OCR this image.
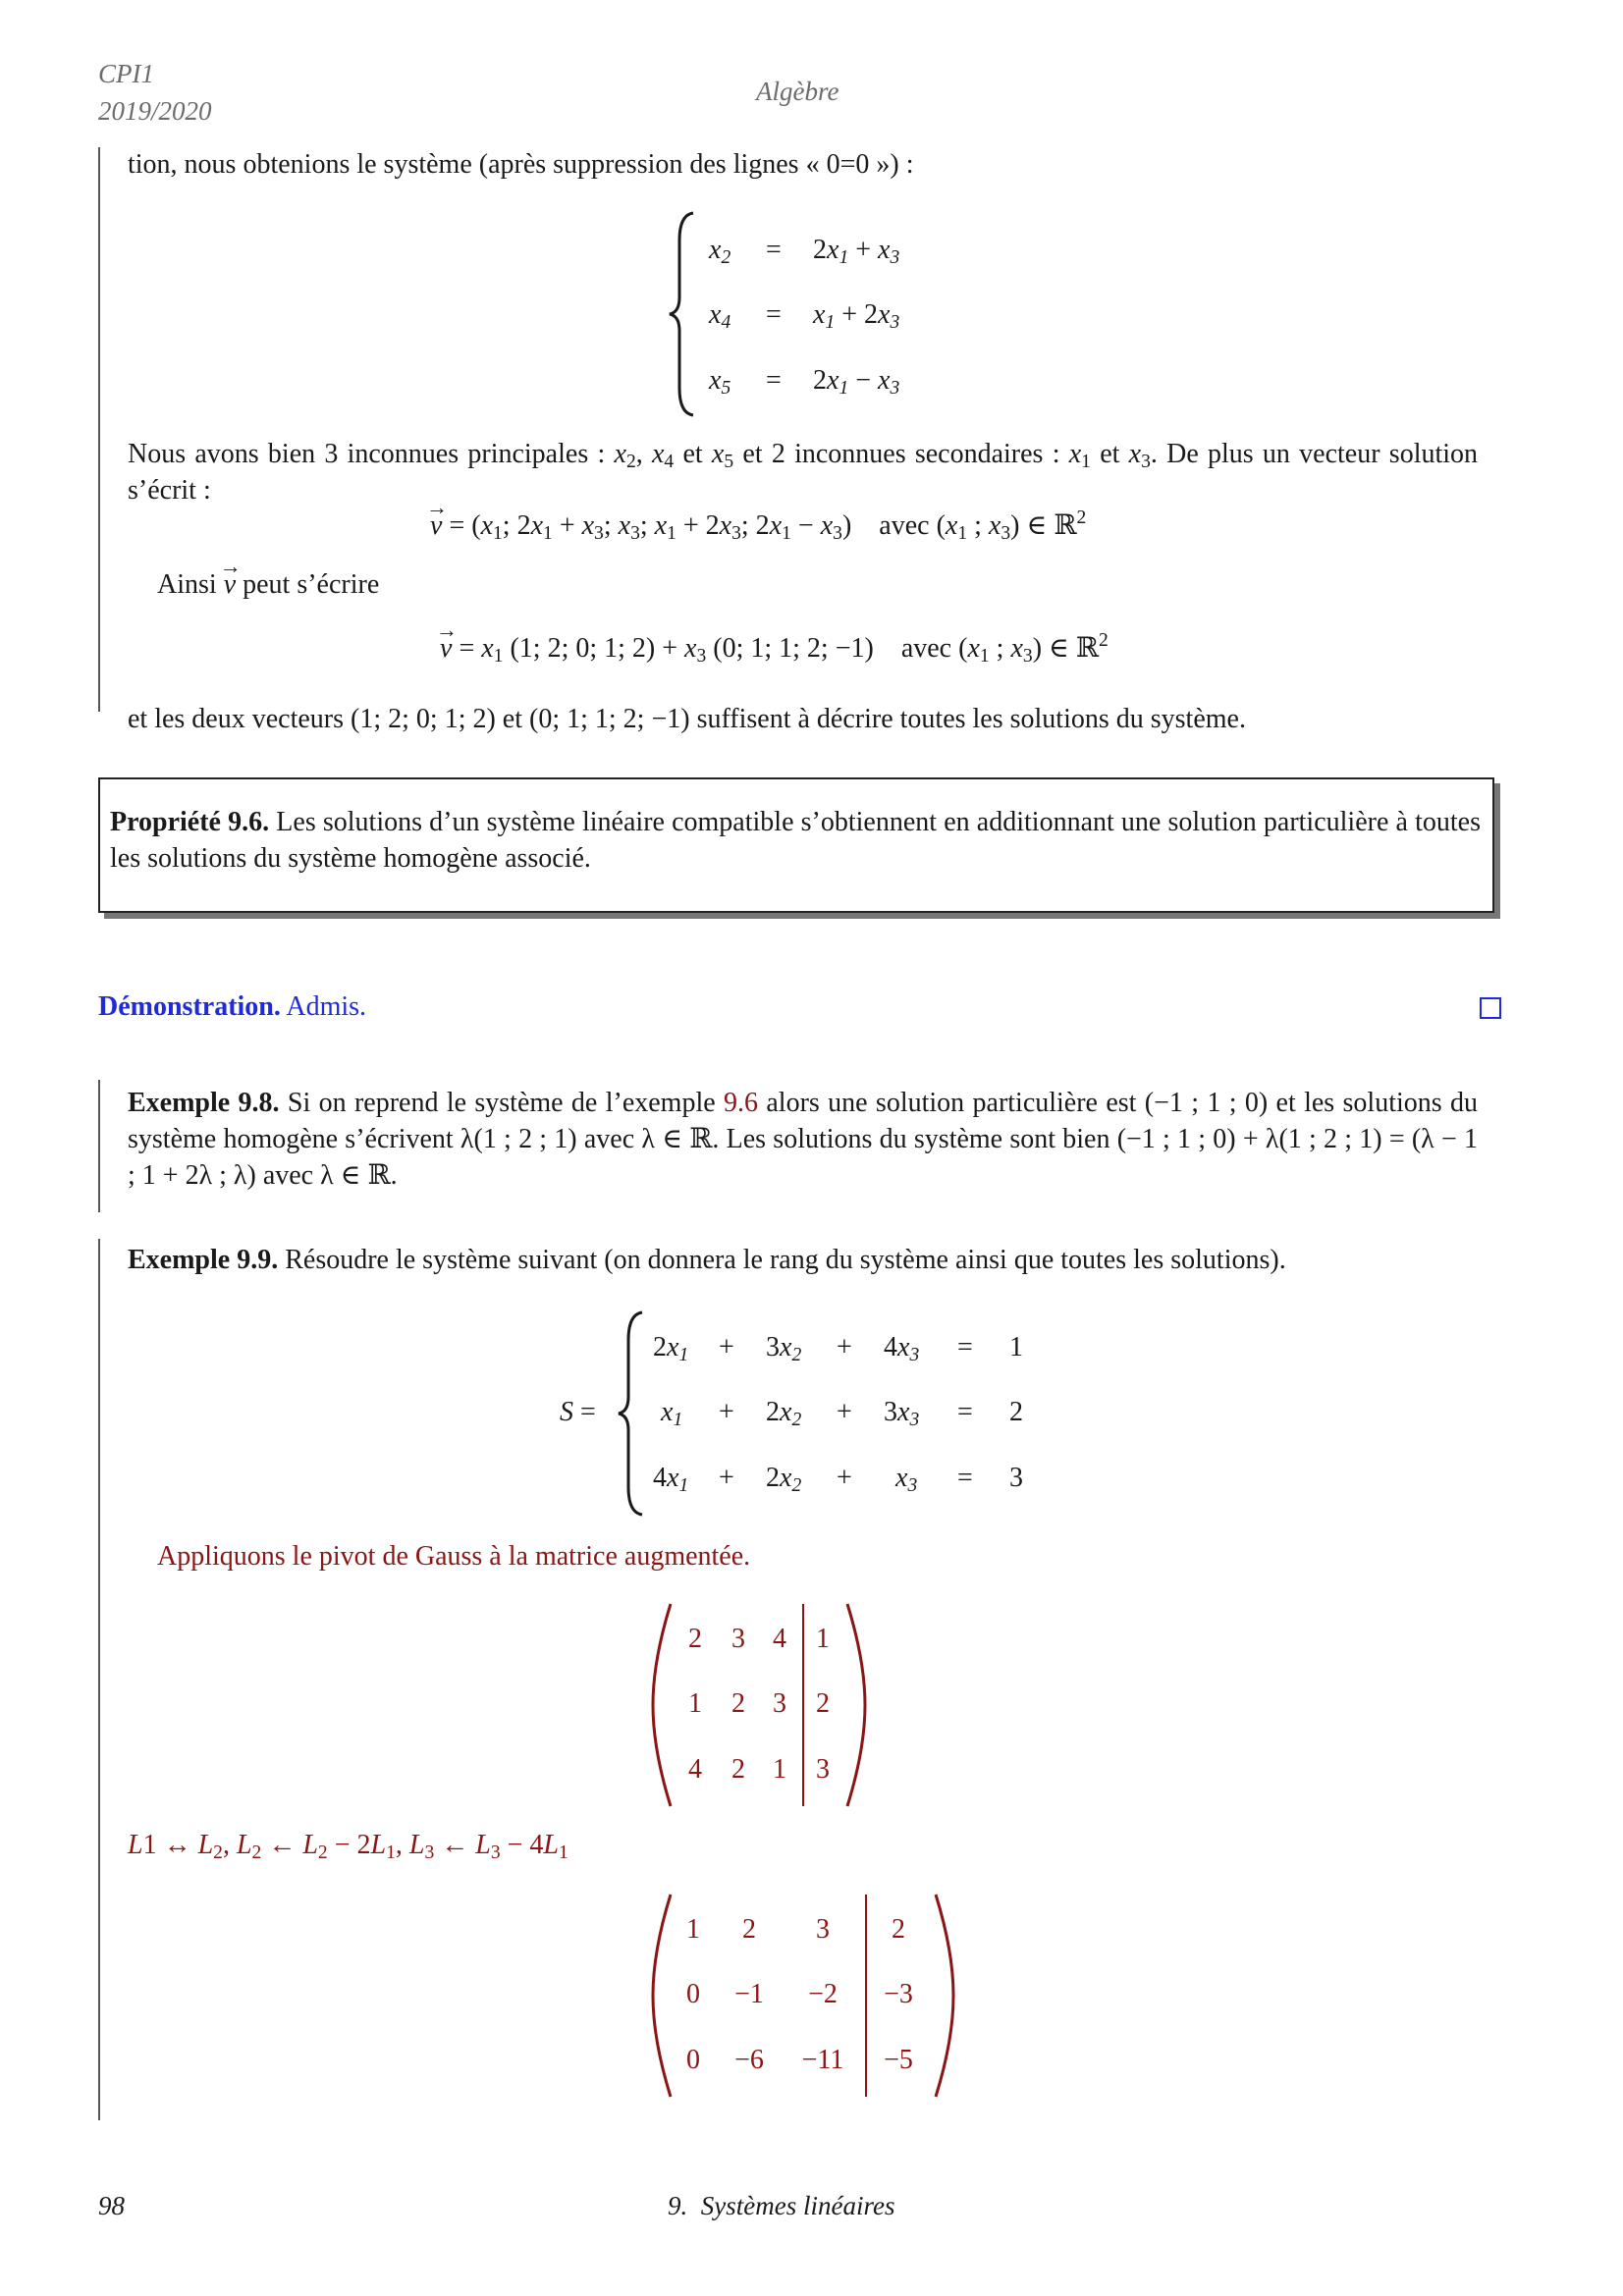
CPI1
2019/2020
Algèbre
tion, nous obtenions le système (après suppression des lignes « 0=0 ») :
$x_2 = 2x_1 + x_3$
$x_4 = x_1 + 2x_3$
$x_5 = 2x_1 - x_3$
Nous avons bien 3 inconnues principales : $x_2$, $x_4$ et $x_5$ et 2 inconnues secondaires : $x_1$ et $x_3$. De plus un vecteur solution s’écrit :
v
→
= ($x_1$; $2x_1 + x_3$; $x_3$; $x_1 + 2x_3$; $2x_1 - x_3$)    avec ($x_1$ ; $x_3$) ∈ ℝ$^2$
Ainsi v
→
peut s’écrire
v
→
= $x_1$ (1; 2; 0; 1; $2) + x_3$ (0; 1; 1; 2; −1)    avec ($x_1$ ; $x_3$) ∈ ℝ$^2$
et les deux vecteurs (1; 2; 0; 1; 2) et (0; 1; 1; 2; −1) suffisent à décrire toutes les solutions du système.
Propriété 9.6. Les solutions d’un système linéaire compatible s’obtiennent en additionnant une solution particulière à toutes les solutions du système homogène associé.
Démonstration. Admis.
Exemple 9.8. Si on reprend le système de l’exemple 9.6 alors une solution particulière est (−1 ; 1 ; 0) et les solutions du système homogène s’écrivent λ(1 ; 2 ; 1) avec λ ∈ ℝ. Les solutions du système sont bien (−1 ; 1 ; 0) + λ(1 ; 2 ; 1) = (λ − 1 ; 1 + 2λ ; λ) avec λ ∈ ℝ.
Exemple 9.9. Résoudre le système suivant (on donnera le rang du système ainsi que toutes les solutions).
S =
$2x_1 + 3x_2 + 4x_3 = 1$
$x_1 + 2x_2 + 3x_3 = 2$
$4x_1 + 2x_2 + x_3 = 3$
Appliquons le pivot de Gauss à la matrice augmentée.
2 3 4 1
1 2 3 2
4 2 1 3
L1 ↔ $L_2$, $L_2$ ← $L_2 - 2L_1$, $L_3$ ← $L_3 - 4L_1$
1	2	3	2
0	−1	−2	−3
0	−6	−11	−5
98	9.  Systèmes linéaires
